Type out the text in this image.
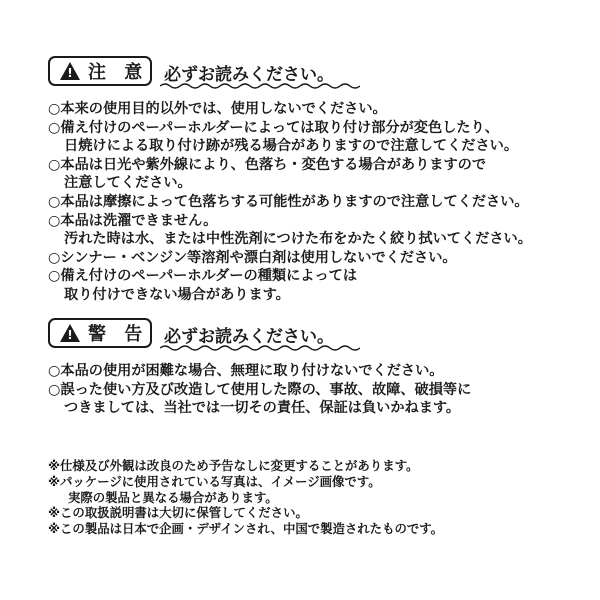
! 注 意 必ずお読みください。
○本来の使用目的以外では、使用しないでください。
○備え付けのペーパーホルダーによっては取り付け部分が変色したり、
日焼けによる取り付け跡が残る場合がありますので注意してください。
○本品は日光や紫外線により、色落ち・変色する場合がありますので
注意してください。
○本品は摩擦によって色落ちする可能性がありますので注意してください。
○本品は洗濯できません。
汚れた時は水、または中性洗剤につけた布をかたく絞り拭いてください。
○シンナー・ベンジン等溶剤や漂白剤は使用しないでください。
○備え付けのペーパーホルダーの種類によっては
取り付けできない場合があります。
! 警 告 必ずお読みください。
○本品の使用が困難な場合、無理に取り付けないでください。
○誤った使い方及び改造して使用した際の、事故、故障、破損等に
つきましては、当社では一切その責任、保証は負いかねます。
※仕様及び外観は改良のため予告なしに変更することがあります。
※パッケージに使用されている写真は、イメージ画像です。
実際の製品と異なる場合があります。
※この取扱説明書は大切に保管してください。
※この製品は日本で企画・デザインされ、中国で製造されたものです。
